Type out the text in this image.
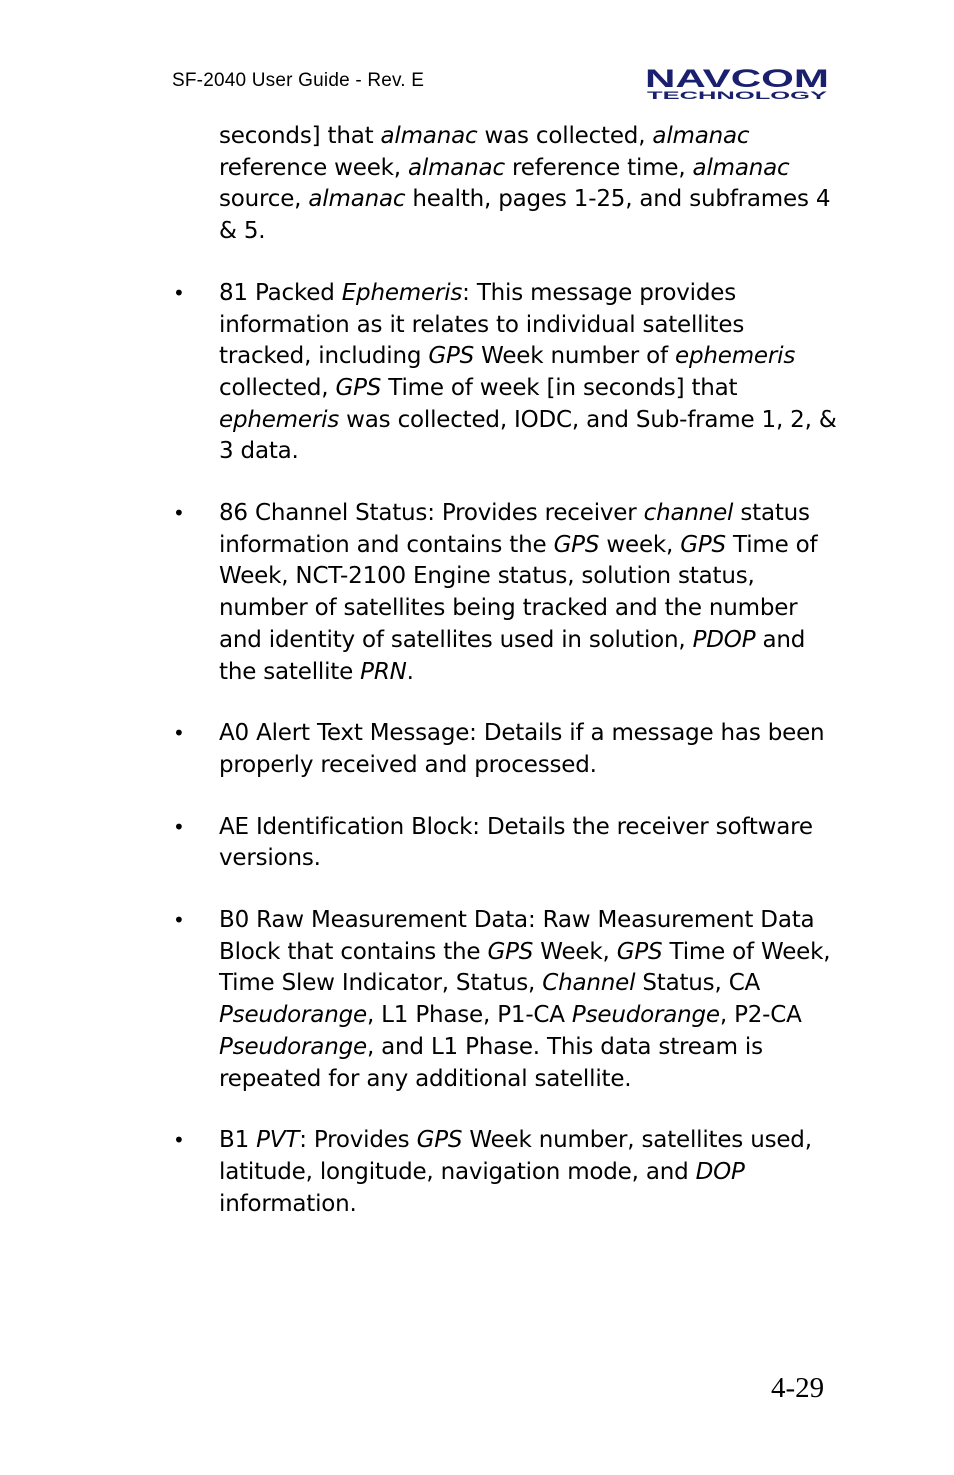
SF-2040 User Guide - Rev. E	NAVCOM
TECHNOLOGY

seconds] that almanac was collected, almanac reference week, almanac reference time, almanac source, almanac health, pages 1-25, and subframes 4 & 5.

• 81 Packed Ephemeris: This message provides information as it relates to individual satellites tracked, including GPS Week number of ephemeris collected, GPS Time of week [in seconds] that ephemeris was collected, IODC, and Sub-frame 1, 2, & 3 data.

• 86 Channel Status: Provides receiver channel status information and contains the GPS week, GPS Time of Week, NCT-2100 Engine status, solution status, number of satellites being tracked and the number and identity of satellites used in solution, PDOP and the satellite PRN.

• A0 Alert Text Message: Details if a message has been properly received and processed.

• AE Identification Block: Details the receiver software versions.

• B0 Raw Measurement Data: Raw Measurement Data Block that contains the GPS Week, GPS Time of Week, Time Slew Indicator, Status, Channel Status, CA Pseudorange, L1 Phase, P1-CA Pseudorange, P2-CA Pseudorange, and L1 Phase. This data stream is repeated for any additional satellite.

• B1 PVT: Provides GPS Week number, satellites used, latitude, longitude, navigation mode, and DOP information.

4-29
